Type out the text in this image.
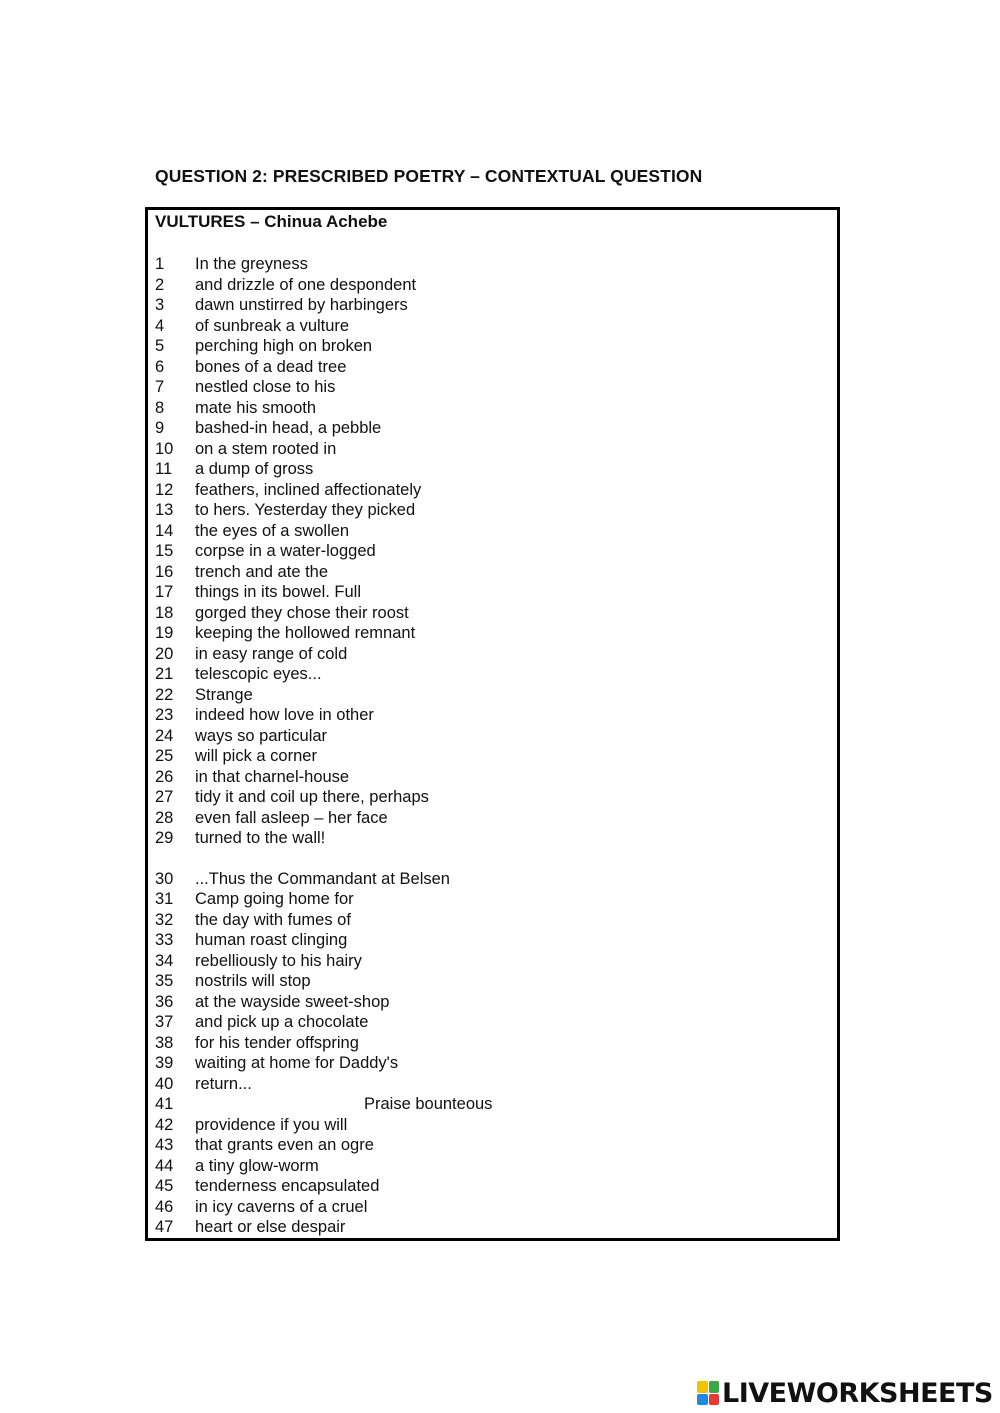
QUESTION 2: PRESCRIBED POETRY – CONTEXTUAL QUESTION
VULTURES – Chinua Achebe
1	In the greyness
2	and drizzle of one despondent
3	dawn unstirred by harbingers
4	of sunbreak a vulture
5	perching high on broken
6	bones of a dead tree
7	nestled close to his
8	mate his smooth
9	bashed-in head, a pebble
10	on a stem rooted in
11	a dump of gross
12	feathers, inclined affectionately
13	to hers. Yesterday they picked
14	the eyes of a swollen
15	corpse in a water-logged
16	trench and ate the
17	things in its bowel. Full
18	gorged they chose their roost
19	keeping the hollowed remnant
20	in easy range of cold
21	telescopic eyes...
22	Strange
23	indeed how love in other
24	ways so particular
25	will pick a corner
26	in that charnel-house
27	tidy it and coil up there, perhaps
28	even fall asleep – her face
29	turned to the wall!
30	...Thus the Commandant at Belsen
31	Camp going home for
32	the day with fumes of
33	human roast clinging
34	rebelliously to his hairy
35	nostrils will stop
36	at the wayside sweet-shop
37	and pick up a chocolate
38	for his tender offspring
39	waiting at home for Daddy's
40	return...
41	Praise bounteous
42	providence if you will
43	that grants even an ogre
44	a tiny glow-worm
45	tenderness encapsulated
46	in icy caverns of a cruel
47	heart or else despair
LIVEWORKSHEETS
